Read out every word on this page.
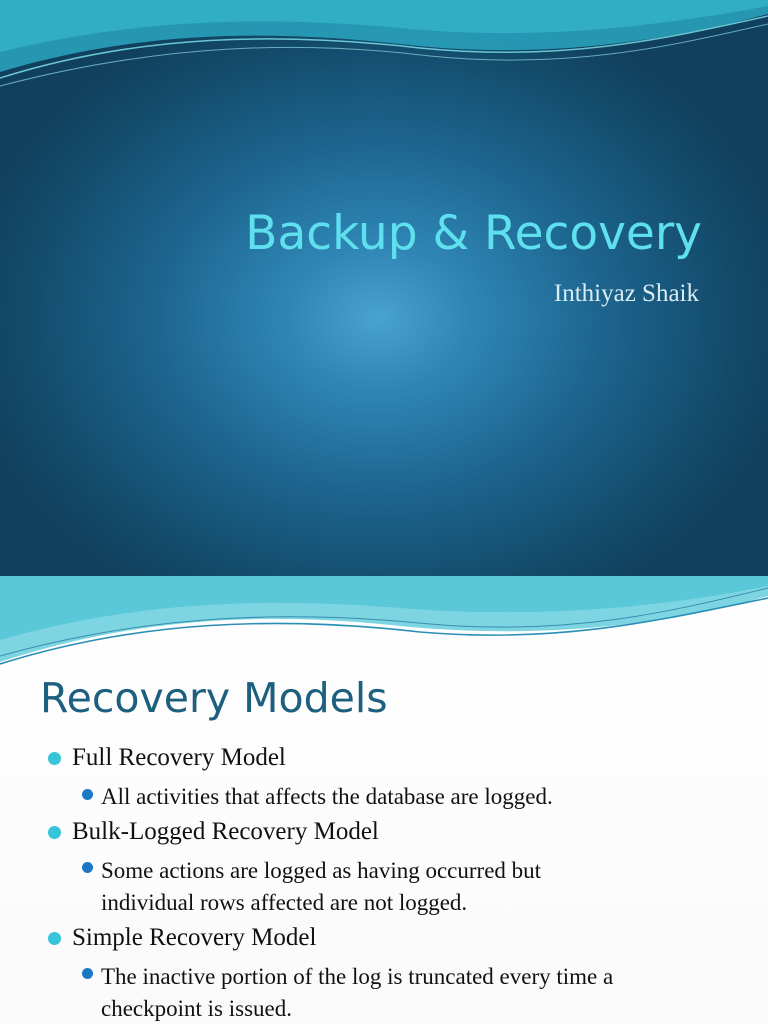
Backup & Recovery
Inthiyaz Shaik
Recovery Models
Full Recovery Model
All activities that affects the database are logged.
Bulk-Logged Recovery Model
Some actions are logged as having occurred but
individual rows affected are not logged.
Simple Recovery Model
The inactive portion of the log is truncated every time a
checkpoint is issued.
